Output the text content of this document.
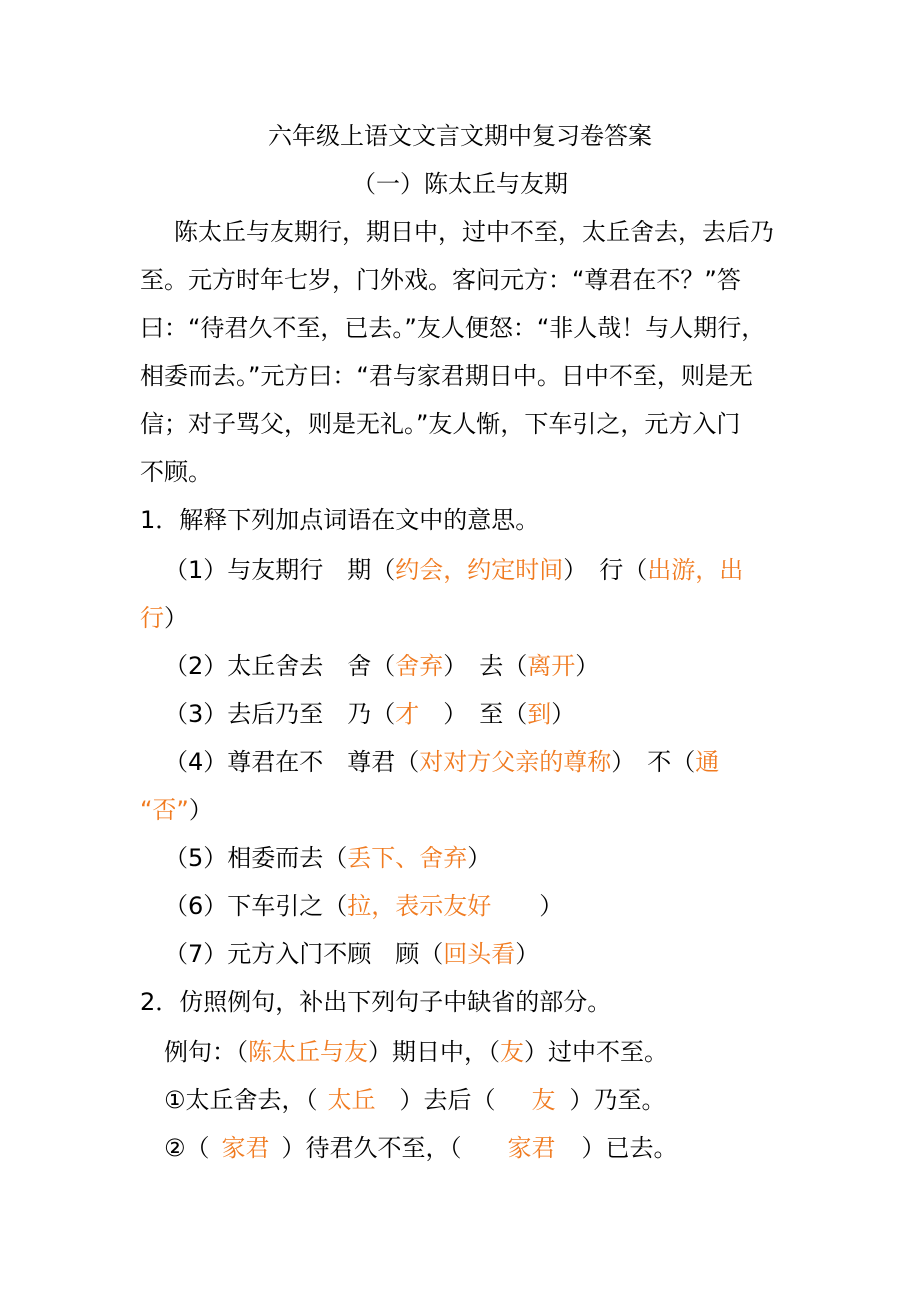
六年级上语文文言文期中复习卷答案
（一）陈太丘与友期
陈太丘与友期行，期日中，过中不至，太丘舍去，去后乃
至。元方时年七岁，门外戏。客问元方：“尊君在不？”答
曰：“待君久不至，已去。”友人便怒：“非人哉！与人期行，
相委而去。”元方曰：“君与家君期日中。日中不至，则是无
信；对子骂父，则是无礼。”友人惭，下车引之，元方入门
不顾。
1．解释下列加点词语在文中的意思。
（1）与友期行　期（约会，约定时间）　行（出游，出
行）
（2）太丘舍去　舍（舍弃）　去（离开）
（3）去后乃至　乃（才　）　至（到）
（4）尊君在不　尊君（对对方父亲的尊称）　不（通
“否”）
（5）相委而去（丢下、舍弃）
（6）下车引之（拉，表示友好　　）
（7）元方入门不顾　顾（回头看）
2．仿照例句，补出下列句子中缺省的部分。
例句：（陈太丘与友）期日中，（友）过中不至。
①太丘舍去，（ 太丘　）去后（ 友 ）乃至。
②（ 家君 ）待君久不至，（ 家君 ）已去。
